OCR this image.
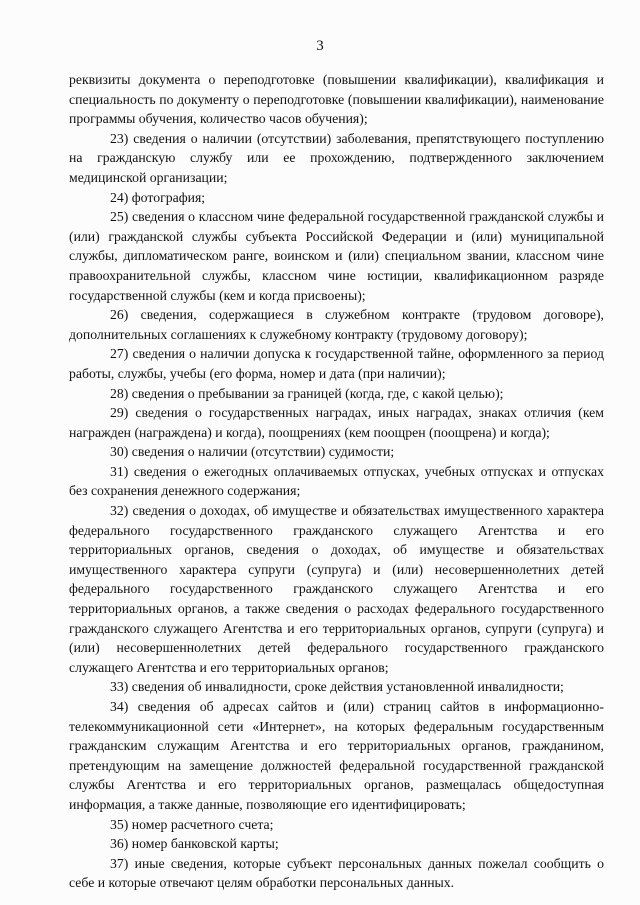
3

реквизиты документа о переподготовке (повышении квалификации), квалификация и специальность по документу о переподготовке (повышении квалификации), наименование программы обучения, количество часов обучения);

23) сведения о наличии (отсутствии) заболевания, препятствующего поступлению на гражданскую службу или ее прохождению, подтвержденного заключением медицинской организации;

24) фотография;

25) сведения о классном чине федеральной государственной гражданской службы и (или) гражданской службы субъекта Российской Федерации и (или) муниципальной службы, дипломатическом ранге, воинском и (или) специальном звании, классном чине правоохранительной службы, классном чине юстиции, квалификационном разряде государственной службы (кем и когда присвоены);

26) сведения, содержащиеся в служебном контракте (трудовом договоре), дополнительных соглашениях к служебному контракту (трудовому договору);

27) сведения о наличии допуска к государственной тайне, оформленного за период работы, службы, учебы (его форма, номер и дата (при наличии);

28) сведения о пребывании за границей (когда, где, с какой целью);

29) сведения о государственных наградах, иных наградах, знаках отличия (кем награжден (награждена) и когда), поощрениях (кем поощрен (поощрена) и когда);

30) сведения о наличии (отсутствии) судимости;

31) сведения о ежегодных оплачиваемых отпусках, учебных отпусках и отпусках без сохранения денежного содержания;

32) сведения о доходах, об имуществе и обязательствах имущественного характера федерального государственного гражданского служащего Агентства и его территориальных органов, сведения о доходах, об имуществе и обязательствах имущественного характера супруги (супруга) и (или) несовершеннолетних детей федерального государственного гражданского служащего Агентства и его территориальных органов, а также сведения о расходах федерального государственного гражданского служащего Агентства и его территориальных органов, супруги (супруга) и (или) несовершеннолетних детей федерального государственного гражданского служащего Агентства и его территориальных органов;

33) сведения об инвалидности, сроке действия установленной инвалидности;

34) сведения об адресах сайтов и (или) страниц сайтов в информационно-телекоммуникационной сети «Интернет», на которых федеральным государственным гражданским служащим Агентства и его территориальных органов, гражданином, претендующим на замещение должностей федеральной государственной гражданской службы Агентства и его территориальных органов, размещалась общедоступная информация, а также данные, позволяющие его идентифицировать;

35) номер расчетного счета;

36) номер банковской карты;

37) иные сведения, которые субъект персональных данных пожелал сообщить о себе и которые отвечают целям обработки персональных данных.
